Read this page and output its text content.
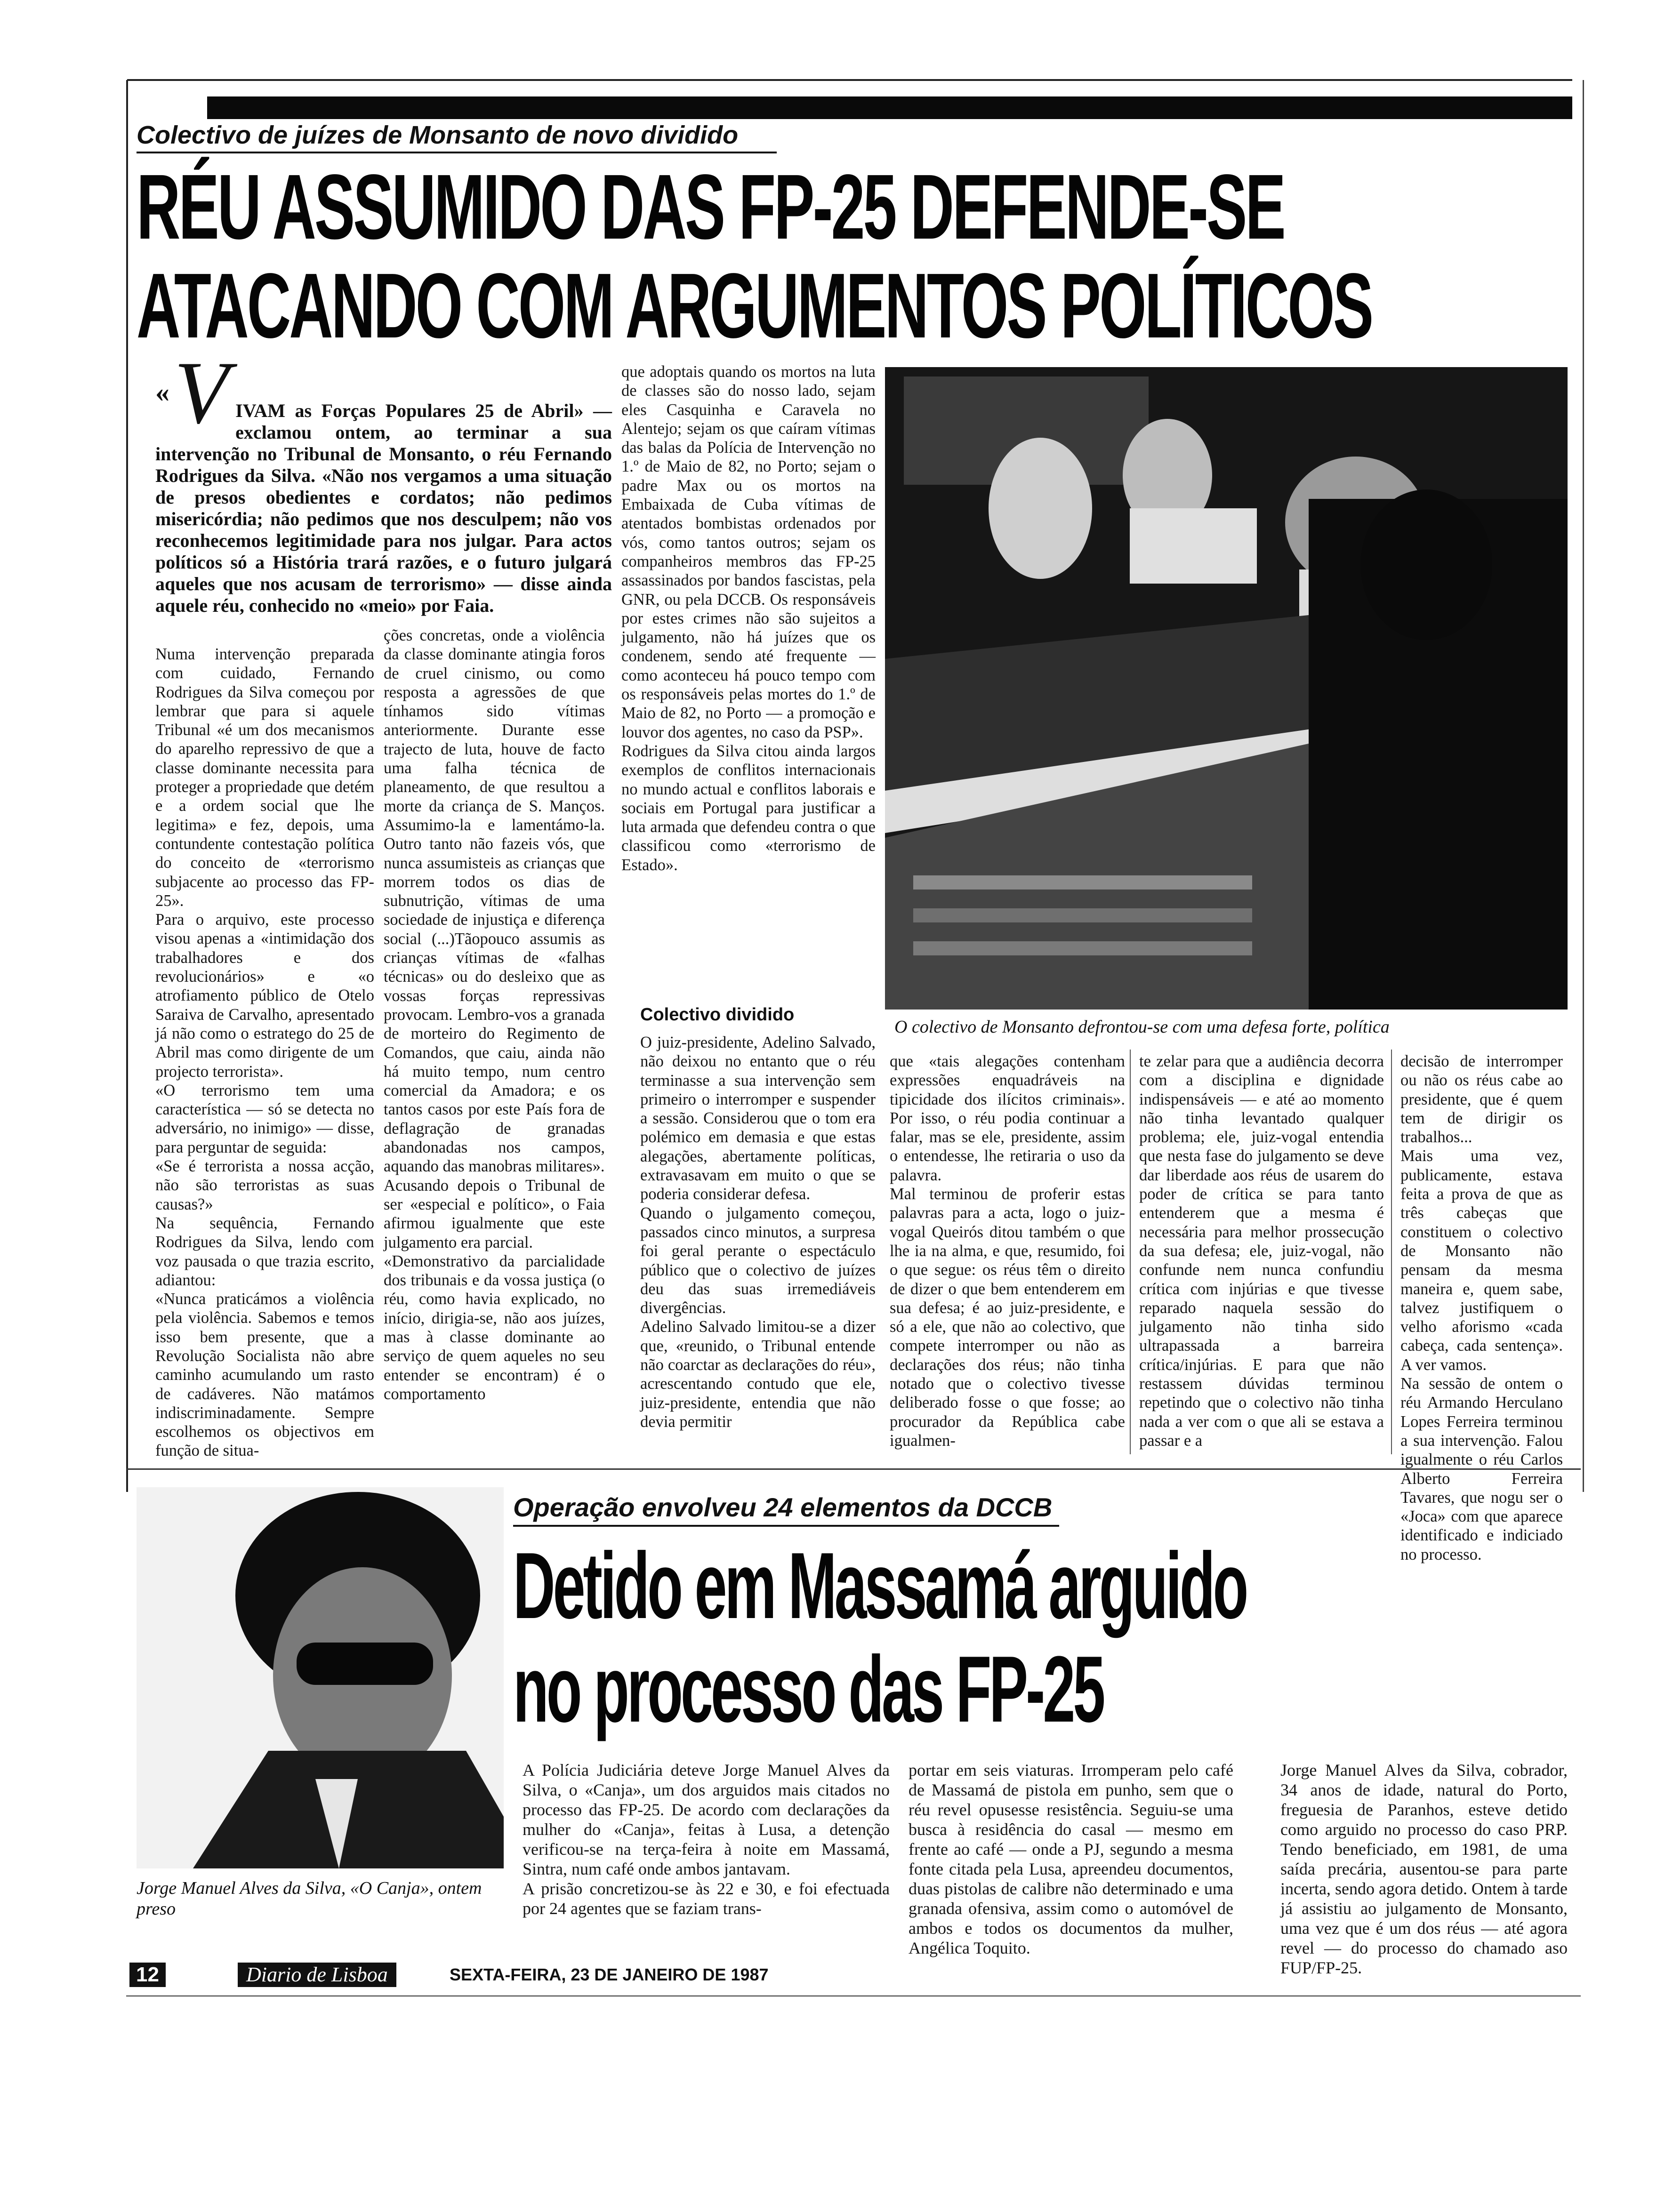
Colectivo de juízes de Monsanto de novo dividido
RÉU ASSUMIDO DAS FP-25 DEFENDE-SE
ATACANDO COM ARGUMENTOS POLÍTICOS
« V IVAM as Forças Populares 25 de Abril» — exclamou ontem, ao terminar a sua intervenção no Tribunal de Monsanto, o réu Fernando Rodrigues da Silva. «Não nos vergamos a uma situação de presos obedientes e cordatos; não pedimos misericórdia; não pedimos que nos desculpem; não vos reconhecemos legitimidade para nos julgar. Para actos políticos só a História trará razões, e o futuro julgará aqueles que nos acusam de terrorismo» — disse ainda aquele réu, conhecido no «meio» por Faia.
Numa intervenção preparada com cuidado, Fernando Rodrigues da Silva começou por lembrar que para si aquele Tribunal «é um dos mecanismos do aparelho repressivo de que a classe dominante necessita para proteger a propriedade que detém e a ordem social que lhe legitima» e fez, depois, uma contundente contestação política do conceito de «terrorismo subjacente ao processo das FP-25».
Para o arquivo, este processo visou apenas a «intimidação dos trabalhadores e dos revolucionários» e «o atrofiamento público de Otelo Saraiva de Carvalho, apresentado já não como o estratego do 25 de Abril mas como dirigente de um projecto terrorista».
«O terrorismo tem uma característica — só se detecta no adversário, no inimigo» — disse, para perguntar de seguida:
«Se é terrorista a nossa acção, não são terroristas as suas causas?»
Na sequência, Fernando Rodrigues da Silva, lendo com voz pausada o que trazia escrito, adiantou:
«Nunca praticámos a violência pela violência. Sabemos e temos isso bem presente, que a Revolução Socialista não abre caminho acumulando um rasto de cadáveres. Não matámos indiscriminadamente. Sempre escolhemos os objectivos em função de situa-
ções concretas, onde a violência da classe dominante atingia foros de cruel cinismo, ou como resposta a agressões de que tínhamos sido vítimas anteriormente. Durante esse trajecto de luta, houve de facto uma falha técnica de planeamento, de que resultou a morte da criança de S. Manços. Assumimo-la e lamentámo-la. Outro tanto não fazeis vós, que nunca assumisteis as crianças que morrem todos os dias de subnutrição, vítimas de uma sociedade de injustiça e diferença social (...)Tãopouco assumis as crianças vítimas de «falhas técnicas» ou do desleixo que as vossas forças repressivas provocam. Lembro-vos a granada de morteiro do Regimento de Comandos, que caiu, ainda não há muito tempo, num centro comercial da Amadora; e os tantos casos por este País fora de deflagração de granadas abandonadas nos campos, aquando das manobras militares».
Acusando depois o Tribunal de ser «especial e político», o Faia afirmou igualmente que este julgamento era parcial.
«Demonstrativo da parcialidade dos tribunais e da vossa justiça (o réu, como havia explicado, no início, dirigia-se, não aos juízes, mas à classe dominante ao serviço de quem aqueles no seu entender se encontram) é o comportamento
que adoptais quando os mortos na luta de classes são do nosso lado, sejam eles Casquinha e Caravela no Alentejo; sejam os que caíram vítimas das balas da Polícia de Intervenção no 1.º de Maio de 82, no Porto; sejam o padre Max ou os mortos na Embaixada de Cuba vítimas de atentados bombistas ordenados por vós, como tantos outros; sejam os companheiros membros das FP-25 assassinados por bandos fascistas, pela GNR, ou pela DCCB. Os responsáveis por estes crimes não são sujeitos a julgamento, não há juízes que os condenem, sendo até frequente — como aconteceu há pouco tempo com os responsáveis pelas mortes do 1.º de Maio de 82, no Porto — a promoção e louvor dos agentes, no caso da PSP».
Rodrigues da Silva citou ainda largos exemplos de conflitos internacionais no mundo actual e conflitos laborais e sociais em Portugal para justificar a luta armada que defendeu contra o que classificou como «terrorismo de Estado».
Colectivo dividido
O juiz-presidente, Adelino Salvado, não deixou no entanto que o réu terminasse a sua intervenção sem primeiro o interromper e suspender a sessão. Considerou que o tom era polémico em demasia e que estas alegações, abertamente políticas, extravasavam em muito o que se poderia considerar defesa.
Quando o julgamento começou, passados cinco minutos, a surpresa foi geral perante o espectáculo público que o colectivo de juízes deu das suas irremediáveis divergências.
Adelino Salvado limitou-se a dizer que, «reunido, o Tribunal entende não coarctar as declarações do réu», acrescentando contudo que ele, juiz-presidente, entendia que não devia permitir
O colectivo de Monsanto defrontou-se com uma defesa forte, política
que «tais alegações contenham expressões enquadráveis na tipicidade dos ilícitos criminais». Por isso, o réu podia continuar a falar, mas se ele, presidente, assim o entendesse, lhe retiraria o uso da palavra.
Mal terminou de proferir estas palavras para a acta, logo o juiz-vogal Queirós ditou também o que lhe ia na alma, e que, resumido, foi o que segue: os réus têm o direito de dizer o que bem entenderem em sua defesa; é ao juiz-presidente, e só a ele, que não ao colectivo, que compete interromper ou não as declarações dos réus; não tinha notado que o colectivo tivesse deliberado fosse o que fosse; ao procurador da República cabe igualmen-
te zelar para que a audiência decorra com a disciplina e dignidade indispensáveis — e até ao momento não tinha levantado qualquer problema; ele, juiz-vogal entendia que nesta fase do julgamento se deve dar liberdade aos réus de usarem do poder de crítica se para tanto entenderem que a mesma é necessária para melhor prossecução da sua defesa; ele, juiz-vogal, não confunde nem nunca confundiu crítica com injúrias e que tivesse reparado naquela sessão do julgamento não tinha sido ultrapassada a barreira crítica/injúrias. E para que não restassem dúvidas terminou repetindo que o colectivo não tinha nada a ver com o que ali se estava a passar e a
decisão de interromper ou não os réus cabe ao presidente, que é quem tem de dirigir os trabalhos...
Mais uma vez, publicamente, estava feita a prova de que as três cabeças que constituem o colectivo de Monsanto não pensam da mesma maneira e, quem sabe, talvez justifiquem o velho aforismo «cada cabeça, cada sentença». A ver vamos.
Na sessão de ontem o réu Armando Herculano Lopes Ferreira terminou a sua intervenção. Falou igualmente o réu Carlos Alberto Ferreira Tavares, que nogu ser o «Joca» com que aparece identificado e indiciado no processo.
Jorge Manuel Alves da Silva, «O Canja», ontem preso
Operação envolveu 24 elementos da DCCB
Detido em Massamá arguido
no processo das FP-25
A Polícia Judiciária deteve Jorge Manuel Alves da Silva, o «Canja», um dos arguidos mais citados no processo das FP-25. De acordo com declarações da mulher do «Canja», feitas à Lusa, a detenção verificou-se na terça-feira à noite em Massamá, Sintra, num café onde ambos jantavam.
A prisão concretizou-se às 22 e 30, e foi efectuada por 24 agentes que se faziam trans-
portar em seis viaturas. Irromperam pelo café de Massamá de pistola em punho, sem que o réu revel opusesse resistência. Seguiu-se uma busca à residência do casal — mesmo em frente ao café — onde a PJ, segundo a mesma fonte citada pela Lusa, apreendeu documentos, duas pistolas de calibre não determinado e uma granada ofensiva, assim como o automóvel de ambos e todos os documentos da mulher, Angélica Toquito.
Jorge Manuel Alves da Silva, cobrador, 34 anos de idade, natural do Porto, freguesia de Paranhos, esteve detido como arguido no processo do caso PRP. Tendo beneficiado, em 1981, de uma saída precária, ausentou-se para parte incerta, sendo agora detido. Ontem à tarde já assistiu ao julgamento de Monsanto, uma vez que é um dos réus — até agora revel — do processo do chamado aso FUP/FP-25.
12	Diario de Lisboa	SEXTA-FEIRA, 23 DE JANEIRO DE 1987
